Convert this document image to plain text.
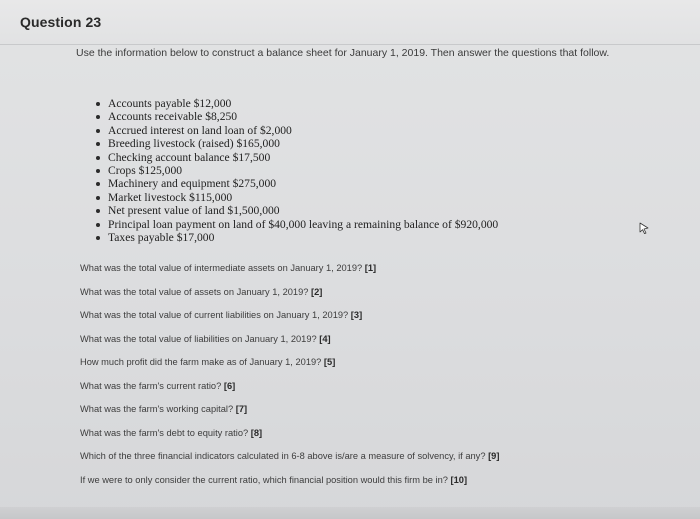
Question 23
Use the information below to construct a balance sheet for January 1, 2019. Then answer the questions that follow.
Accounts payable $12,000
Accounts receivable $8,250
Accrued interest on land loan of $2,000
Breeding livestock (raised) $165,000
Checking account balance $17,500
Crops $125,000
Machinery and equipment $275,000
Market livestock $115,000
Net present value of land $1,500,000
Principal loan payment on land of $40,000 leaving a remaining balance of $920,000
Taxes payable $17,000
What was the total value of intermediate assets on January 1, 2019? [1]
What was the total value of assets on January 1, 2019? [2]
What was the total value of current liabilities on January 1, 2019? [3]
What was the total value of liabilities on January 1, 2019? [4]
How much profit did the farm make as of January 1, 2019? [5]
What was the farm's current ratio? [6]
What was the farm's working capital? [7]
What was the farm's debt to equity ratio? [8]
Which of the three financial indicators calculated in 6-8 above is/are a measure of solvency, if any? [9]
If we were to only consider the current ratio, which financial position would this firm be in? [10]
